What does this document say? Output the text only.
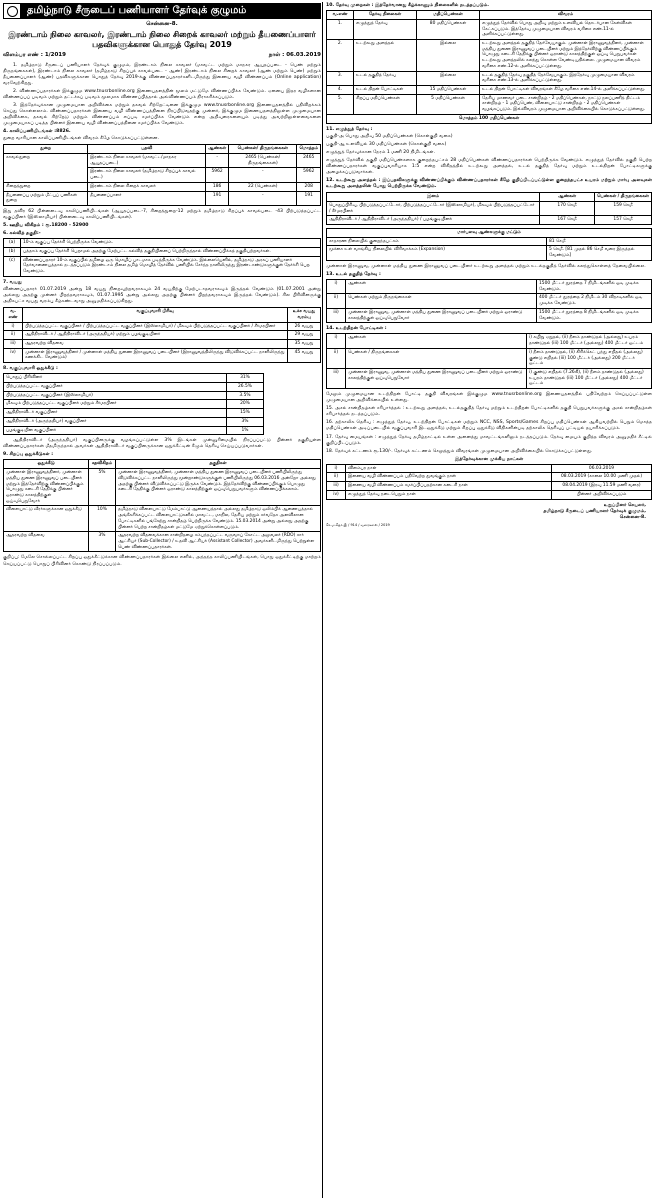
தமிழ்நாடு சீருடைப் பணியாளர் தேர்வுக் குழுமம்
சென்னை-8.
இரண்டாம் நிலை காவலர், இரண்டாம் நிலை சிறைக் காவலர் மற்றும் தீயணைப்பாளர் பதவிகளுக்கான பொதுத் தேர்வு 2019
விளம்பர எண் : 1/2019	நாள் : 06.03.2019

1. தமிழ்நாடு சீருடைப் பணியாளர் தேர்வுக் குழுமம், இரண்டாம் நிலை காவலர் (மாவட்ட மற்றும் மாநகர ஆயுதப்படை - பெண் மற்றும் திருநங்கைகள்), இரண்டாம் நிலை காவலர் (தமிழ்நாடு சிறப்புக் காவல்படை - ஆண்) இரண்டாம் நிலை சிறைக் காவலர் (ஆண் மற்றும் பெண்) மற்றும் தீயணைப்பாளர் (ஆண்) பதவிகளுக்கான பொதுத் தேர்வு 2019-க்கு விண்ணப்பதாரர்களிடமிருந்து இணைய வழி விண்ணப்பம் (Online application) வரவேற்கிறது.

2. விண்ணப்பதாரர்கள் இக்குழும www.tnusrbonline.org இணையதளத்தின் மூலம் மட்டுமே விண்ணப்பிக்க வேண்டும். ஏனைய இதர வழிகளான விண்ணப்பப் படிவம் மற்றும் தட்டச்சுப் படிவம் மூலமாக விண்ணப்பித்தால் அவ்விண்ணப்பம் நிராகரிக்கப்படும்.

3. இத்தேர்வுக்கான முழுமையான அறிவிக்கை மற்றும் தகவல் சிற்றேட்டினை இக்குழும www.tnusrbonline.org இணையதளத்தில் பதிவிறக்கம் செய்து கொள்ளலாம். விண்ணப்பதாரர்கள் இணைய வழி விண்ணப்பத்தினை நிரப்பிடுவதற்கு முன்னர், இக்குழும இணையதளத்திலுள்ள முழுமையான அறிவிக்கை, தகவல் சிற்றேடு மற்றும் விண்ணப்பம் எப்படி சமர்ப்பிக்க வேண்டும் என்ற அறிவுரைகளையும் படித்து அவற்றிலுள்ளவைகளை முழுமையாகப் படித்த பின்னர் இணைய வழி விண்ணப்பத்தினை சமர்ப்பிக்க வேண்டும்.

4. காலிப்பணியிடங்கள் :8826.

துறை வாரியான காலிப்பணியிடங்கள் விவரம் கீழே கொடுக்கப்பட்டுள்ளன.

துறை	பதவி	ஆண்கள்	பெண்கள்/ திருநங்கைகள்	மொத்தம்
காவல்துறை	இரண்டாம் நிலை காவலர் (மாவட்ட/மாநகர ஆயுதப்படை)	-	2465 (பெண்கள்/ திருநங்கைகள்)	2465
	இரண்டாம் நிலை காவலர் (தமிழ்நாடு சிறப்புக் காவல் படை)	5962	-	5962
சிறைத்துறை	இரண்டாம் நிலை சிறைக் காவலர்	186	22 (பெண்கள்)	208
தீயணைப்பு மற்றும் மீட்புப் பணிகள் துறை	தீயணைப்பாளர்	191	-	191

இது தவிர 62 பின்னடைவு காலிப்பணியிடங்கள் (ஆயுதப்படை-7, சிறைத்துறை-12 மற்றும் தமிழ்நாடு சிறப்புக் காவல்படை -43 பிற்படுத்தப்பட்ட வகுப்பினர் (இஸ்லாமியர்) பின்னடைவு காலிப்பணியிடங்கள்).

5. ஊதிய விகிதம் : ரூ.18200 - 52900
6. கல்வித் தகுதி:-
(a)	10-ம் வகுப்பு தேர்ச்சி பெற்றிருக்க வேண்டும்.
(b)	பத்தாம் வகுப்பு தேர்ச்சி பெறாமல் அதற்கு மேற்பட்ட கல்வித் தகுதியினைப் பெற்றிருந்தால் விண்ணப்பிக்கத் தகுதியற்றவர்கள்.
(c)	விண்ணப்பதாரர் 10-ம் வகுப்பில் தமிழை ஒரு மொழிப் பாடமாக படித்திருக்க வேண்டும். இல்லையெனில், தமிழ்நாடு அரசுப் பணியாளர் தேர்வாணையத்தால் நடத்தப்படும் இரண்டாம் நிலை தமிழ் மொழித் தேர்வில் பணியில் சேர்ந்த நாளிலிருந்து இரண்டாண்டுகளுக்குள் தேர்ச்சி பெற வேண்டும்.
7. வயது

விண்ணப்பதாரர் 01.07.2019 அன்று 18 வயது நிறைவுற்றவராகவும் 24 வயதிற்கு மேற்படாதவராகவும் இருத்தல் வேண்டும் (01.07.2001 அன்று அல்லது அதற்கு முன்னர் பிறந்தவராகவும், 01.07.1995 அன்று அல்லது அதற்கு பின்னர் பிறந்தவராகவும் இருத்தல் வேண்டும்). சில பிரிவினருக்கு அதிகபட்ச வயது வரம்பு கீழ்கண்டவாறு அனுமதிக்கப்படுகிறது.

வ. எண்	வகுப்புவாரி பிரிவு	உச்ச வயது வரம்பு
i)	பிற்படுத்தப்பட்ட வகுப்பினர் / பிற்படுத்தப்பட்ட வகுப்பினர் (இஸ்லாமியர்) / மிகவும் பிற்படுத்தப்பட்ட வகுப்பினர் / சீர்மரபினர்	26 வயது
ii)	ஆதிதிராவிடர் / ஆதிதிராவிடர் (அருந்ததியர்) மற்றும் பழங்குடியினர்	29 வயது
iii)	ஆதரவற்ற விதவை	35 வயது
iv)	முன்னாள் இராணுவத்தினர் / முன்னாள் மத்திய துணை இராணுவப் படையினர் (இராணுவத்திலிருந்து விடுவிக்கப்பட்ட நாளிலிருந்து கணக்கிட வேண்டும்)	45 வயது
8. வகுப்புவாரி ஒதுக்கீடு :
பொதுப் பிரிவினர்	31%
பிற்படுத்தப்பட்ட வகுப்பினர்	26.5%
பிற்படுத்தப்பட்ட வகுப்பினர் (இஸ்லாமியர்)	3.5%
மிகவும் பிற்படுத்தப்பட்ட வகுப்பினர் மற்றும் சீர்மரபினர்	20%
ஆதிதிராவிடர் வகுப்பினர்	15%
ஆதிதிராவிடர் (அருந்ததியர்) வகுப்பினர்	3%
பழங்குடியின வகுப்பினர்	1%

ஆதிதிராவிடர் (அருந்ததியர்) வகுப்பினருக்கு வழங்கப்பட்டுள்ள 3% இடங்கள் முன்னுரிமையில் நிரப்பப்பட்டு பின்னர் தகுதியுள்ள விண்ணப்பதாரர்கள் மீதமிருந்தால் அவர்கள் ஆதிதிராவிடர் வகுப்பினருக்கான ஒதுக்கீட்டின் கீழும் தெரிவு செய்யப்படுவார்கள்.

9. சிறப்பு ஒதுக்கீடுகள் :
ஒதுக்கீடு	சதவிகிதம்	தகுதிகள்
முன்னாள் இராணுவத்தினர், முன்னாள் மத்திய துணை இராணுவப் படையினர் மற்றும் இத்தேர்விற்கு விண்ணப்பிக்கும் பொழுது கடைசி தேதிக்கு பின்னர் ஓராண்டு காலத்திற்குள் ஓய்வுபெறுவோர்	5%	முன்னாள் இராணுவத்தினர், முன்னாள் மத்திய துணை இராணுவப் படையினர் பணியிலிருந்து விடுவிக்கப்பட்ட நாளிலிருந்து மூன்றாண்டுகளுக்குள் பணியிலிருந்து 06.03.2016 அன்றோ அல்லது அதற்கு பின்னர் விடுவிக்கப்பட்டு இருக்க வேண்டும். இத்தேர்விற்கு விண்ணப்பிக்கும் பொழுது கடைசி தேதிக்கு பின்னர் ஓராண்டு காலத்திற்குள் ஓய்வுபெறுபவர்களும் விண்ணப்பிக்கலாம்.
விளையாட்டு வீரர்களுக்கான ஒதுக்கீடு	10%	தமிழ்நாடு விளையாட்டு மேம்பாட்டு ஆணையத்தால் அல்லது தமிழ்நாடு ஒலிம்பிக் ஆணையத்தால் அங்கீகரிக்கப்பட்ட விளையாட்டுகளில் மாவட்ட, மாநில, தேசிய மற்றும் சர்வதேச அளவிலான போட்டிகளில் பங்கேற்று சான்றிதழ் பெற்றிருக்க வேண்டும். 15.03.2014 அன்று அல்லது அதற்கு பின்னர் பெற்ற சான்றிதழ்கள் மட்டுமே ஏற்றுக்கொள்ளப்படும்.
ஆதரவற்ற விதவை	3%	ஆதரவற்ற விதவைக்கான சான்றிதழை சம்பந்தப்பட்ட வருவாய் கோட்ட அலுவலர் (RDO) சார் ஆட்சியர் (Sub-Collector) / உதவி ஆட்சியர் (Assistant Collector) அவர்களிடமிருந்து பெற்றுள்ள பெண் விண்ணப்பதாரர்கள்.

குறிப்பு: மேலே சொல்லப்பட்ட சிறப்பு ஒதுக்கீட்டுக்கான விண்ணப்பதாரர்கள் இல்லை எனில், அந்தந்த காலிப்பணியிடங்கள், பொது ஒதுக்கீட்டிற்கு மாற்றம் செய்யப்பட்டு பொதுப் பிரிவினர் கொண்டு நிரப்பப்படும்.

10. தேர்வு முறைகள் : இத்தேர்வானது கீழ்க்காணும் நிலைகளில் நடத்தப்படும்.
வ.எண்	தேர்வு நிலைகள்	மதிப்பெண்கள்	விவரம்
1.	எழுத்துத் தேர்வு	80 மதிப்பெண்கள்	எழுத்துத் தேர்வில் பொது அறிவு மற்றும் உளவியல் தொடர்பான கேள்விகள் கேட்கப்படும். இத்தேர்வு முழுமையான விவரம் வரிசை எண்.11-ல் அளிக்கப்பட்டுள்ளது.
2.	உடற்கூறு அளத்தல்	இல்லை	உடற்கூறு அளத்தல் தகுதித் தேர்வேயாகும். முன்னாள் இராணுவத்தினர், முன்னாள் மத்திய துணை இராணுவப் படையினர் மற்றும் இத்தேர்விற்கு விண்ணப்பிக்கும் பொழுது கடைசி தேதிக்கு பின்னர் ஓராண்டு காலத்திற்குள் ஓய்வு பெறுபவர்கள் உடற்கூறு அளத்தலில் கலந்து கொள்ள வேண்டியதில்லை. முழுமையான விவரம் வரிசை எண்.12-ல் அளிக்கப்பட்டுள்ளது.
3.	உடல் தகுதித் தேர்வு	இல்லை	உடல் தகுதித் தேர்வு தகுதித் தேர்வேயாகும். இத்தேர்வு முழுமையான விவரம் வரிசை எண்.13-ல் அளிக்கப்பட்டுள்ளது.
4.	உடல் திறன் போட்டிகள்	15 மதிப்பெண்கள்	உடல் திறன் போட்டிகள் விவரங்கள் கீழே வரிசை எண்.14-ல் அளிக்கப்பட்டுள்ளது.
5.	சிறப்பு மதிப்பெண்கள்	5 மதிப்பெண்கள்	தேசிய மாணவர் படை சான்றிதழ் - 2 மதிப்பெண்கள், நாட்டு நலப்பணித் திட்டம் சான்றிதழ் - 1 மதிப்பெண், விளையாட்டு சான்றிதழ் - 2 மதிப்பெண்கள் வழங்கப்படும். இவ்விவரம் முழுமையான அறிவிக்கையில் கொடுக்கப்பட்டுள்ளது.
மொத்தம் 100 மதிப்பெண்கள்			
11. எழுத்துத் தேர்வு :

பகுதி-அ பொது அறிவு 50 மதிப்பெண்கள் (கொள்குறி வகை)

பகுதி-ஆ உளவியல் 30 மதிப்பெண்கள் (கொள்குறி வகை)

எழுத்துத் தேர்வுக்கான நேரம் 1 மணி 20 நிமிடங்கள்.

எழுத்துத் தேர்வில் தகுதி மதிப்பெண்களாக குறைந்தபட்சம் 28 மதிப்பெண்கள் விண்ணப்பதாரர்கள் பெற்றிருக்க வேண்டும். எழுத்துத் தேர்வில் தகுதி பெற்ற விண்ணப்பதாரர்கள் வகுப்புவாரியாக 1:5 என்ற விகிதத்தில் உடற்கூறு அளத்தல், உடல் தகுதித் தேர்வு மற்றும் உடல்திறன் போட்டிகளுக்கு அழைக்கப்படுவார்கள்.

12. உடற்கூறு அளத்தல் : இப்பதவிகளுக்கு விண்ணப்பிக்கும் விண்ணப்பதாரர்கள் கீழே குறிப்பிடப்பட்டுள்ள குறைந்தபட்ச உயரம் மற்றும் மார்பு அளவுகள் உடற்கூறு அளத்தலின் போது பெற்றிருக்க வேண்டும்.

இனம்	ஆண்கள்	பெண்கள் / திருநங்கைகள்
பொதுப்பிரிவு, பிற்படுத்தப்பட்டோர், பிற்படுத்தப்பட்டோர் (இஸ்லாமியர்), மிகவும் பிற்படுத்தப்பட்டோர் / சீர்மரபினர்	170 செமீ	159 செமீ
ஆதிதிராவிடர் / ஆதிதிராவிடர் (அருந்ததியர்) / பழங்குடியினர்	167 செமீ	157 செமீ
மார்பளவு ஆண்களுக்கு மட்டும்	
சாதாரண நிலையில் குறைந்தபட்சம்	81 செமீ
மூச்சை உள் வாங்கிய நிலையில் விரிவாக்கம் (Expansion)	5 செமீ. [81 முதல் 86 செமீ வரை இருத்தல் வேண்டும்]

முன்னாள் இராணுவ, முன்னாள் மத்திய துணை இராணுவப் படையினர் உடற்கூறு அளத்தல் மற்றும் உடல்தகுதித் தேர்வில் கலந்துகொள்ளத் தேவையில்லை.

13. உடல் தகுதித் தேர்வு :
i)	ஆண்கள்	1500 மீட்டர் தூரத்தை 7 நிமிடங்களில் ஓடி முடிக்க வேண்டும்.
ii)	பெண்கள் மற்றும் திருநங்கைகள்	400 மீட்டர் தூரத்தை 2 நிமிடம் 30 விநாடிகளில் ஓடி முடிக்க வேண்டும்.
iii)	முன்னாள் இராணுவ, முன்னாள் மத்திய துணை இராணுவப் படையினர் மற்றும் ஓராண்டு காலத்திற்குள் ஓய்வுபெறுவோர்	1500 மீட்டர் தூரத்தை 8 நிமிடங்களில் ஓடி முடிக்க வேண்டும்.
14. உடற்திறன் போட்டிகள் :
i)	ஆண்கள்	i) கயிறு ஏறுதல், (ii) நீளம் தாண்டுதல் (அல்லது) உயரம் தாண்டுதல் (iii) 100 மீட்டர் (அல்லது) 400 மீட்டர் ஓட்டம்
ii)	பெண்கள் / திருநங்கைகள்	i) நீளம் தாண்டுதல், (ii) கிரிக்கெட் பந்து எறிதல் (அல்லது) குண்டு எறிதல் (iii) 100 மீட்டர் (அல்லது) 200 மீட்டர் ஓட்டம்
iii)	முன்னாள் இராணுவ, முன்னாள் மத்திய துணை இராணுவப் படையினர் மற்றும் ஓராண்டு காலத்திற்குள் ஓய்வுபெறுவோர்	i) குண்டு எறிதல் (7.26கி), (ii) நீளம் தாண்டுதல் (அல்லது) உயரம் தாண்டுதல் (iii) 100 மீட்டர் (அல்லது) 400 மீட்டர் ஓட்டம்

மேலும் முழுமையான உடற்திறன் போட்டி தகுதி விவரங்கள் இக்குழும www.tnusrbonline.org இணையதளத்தில் பதிவேற்றம் செய்யப்பட்டுள்ள முழுமையான அறிவிக்கையில் உள்ளது.

15. அசல் சான்றிதழ்கள் சரிபார்த்தல் : உடற்கூறு அளத்தல், உடல்தகுதித் தேர்வு மற்றும் உடற்திறன் போட்டிகளில் தகுதி பெறுபவர்களுக்கு அசல் சான்றிதழ்கள் சரிபார்த்தல் நடத்தப்படும்.

16. தற்காலிக தெரிவு : எழுத்துத் தேர்வு, உடற்திறன் போட்டிகள் மற்றும் NCC, NSS, Sports/Games சிறப்பு மதிப்பெண்கள் ஆகியவற்றில் பெறும் மொத்த மதிப்பெண்கள் அடிப்படையில் வகுப்புவாரி இடஒதுக்கீடு மற்றும் சிறப்பு ஒதுக்கீடு விதிகளின்படி தற்காலிக தெரிவுப் பட்டியல் தயாரிக்கப்படும்.

17. தேர்வு மையங்கள் : எழுத்துத் தேர்வு தமிழ்நாட்டில் உள்ள அனைத்து மாவட்டங்களிலும் நடத்தப்படும். தேர்வு மையம் குறித்த விவரம் அனுமதிச் சீட்டில் குறிப்பிடப்படும்.

18. தேர்வுக் கட்டணம் ரூ.130/-. தேர்வுக் கட்டணம் செலுத்தும் விவரங்கள் முழுமையான அறிவிக்கையில் கொடுக்கப்பட்டுள்ளது.

இத்தேர்வுக்கான முக்கிய நாட்கள்
i)	விளம்பர நாள்	06.03.2019
ii)	இணைய வழி விண்ணப்பம் பதிவேற்ற துவங்கும் நாள்	08.03.2019 (காலை 10.00 மணி முதல்)
iii)	இணைய வழி விண்ணப்பம் சமர்ப்பிப்பதற்கான கடைசி நாள்	08.04.2019 (இரவு 11.59 மணி வரை)
iv)	எழுத்துத் தேர்வு நடைபெறும் நாள்	பின்னர் அறிவிக்கப்படும்
உறுப்பினர் செயலர்,
தமிழ்நாடு சீருடைப் பணியாளர் தேர்வுக் குழுமம்,
சென்னை-8.
செ.ம.தொ.இ / 914 / வரைகலை / 2019
